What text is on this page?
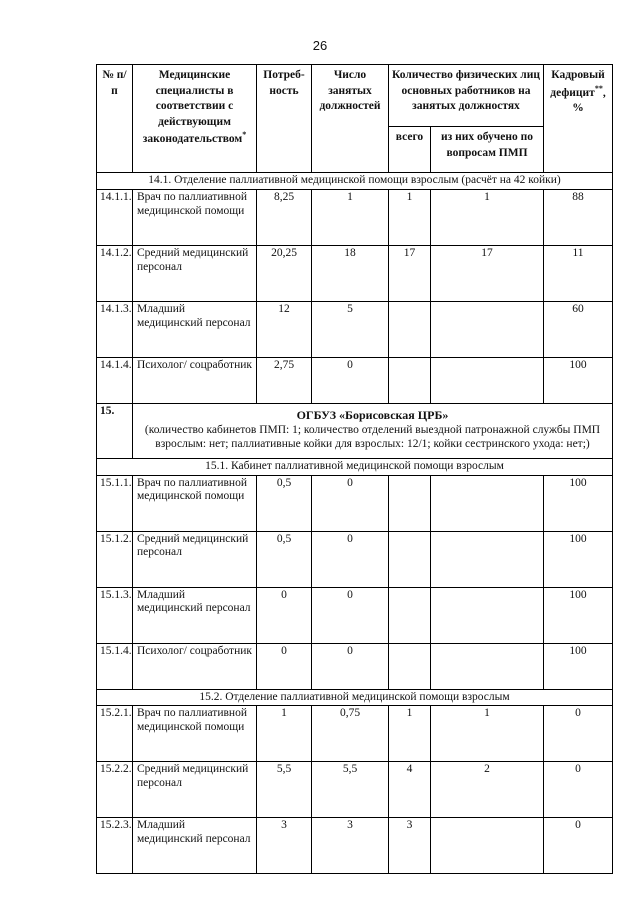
26
№ п/п	Медицинские специалисты в соответствии с действующим законодательством*	Потреб-ность	Число занятых должностей	Количество физических лиц основных работников на занятых должностях		Кадровый дефицит**, %

				всего	из них обучено по вопросам ПМП	

14.1. Отделение паллиативной медицинской помощи взрослым (расчёт на 42 койки)						
14.1.1.	Врач по паллиативной медицинской помощи	8,25	1	1	1	88
14.1.2.	Средний медицинский персонал	20,25	18	17	17	11
14.1.3.	Младший медицинский персонал	12	5			60
14.1.4.	Психолог/ соцработник	2,75	0			100
15.	ОГБУЗ «Борисовская ЦРБ»
(количество кабинетов ПМП: 1; количество отделений выездной патронажной службы ПМП взрослым: нет; паллиативные койки для взрослых: 12/1; койки сестринского ухода: нет;)					

15.1. Кабинет паллиативной медицинской помощи взрослым						
15.1.1.	Врач по паллиативной медицинской помощи	0,5	0			100
15.1.2.	Средний медицинский персонал	0,5	0			100
15.1.3.	Младший медицинский персонал	0	0			100
15.1.4.	Психолог/ соцработник	0	0			100
15.2. Отделение паллиативной медицинской помощи взрослым						
15.2.1.	Врач по паллиативной медицинской помощи	1	0,75	1	1	0
15.2.2.	Средний медицинский персонал	5,5	5,5	4	2	0
15.2.3.	Младший медицинский персонал	3	3	3		0
